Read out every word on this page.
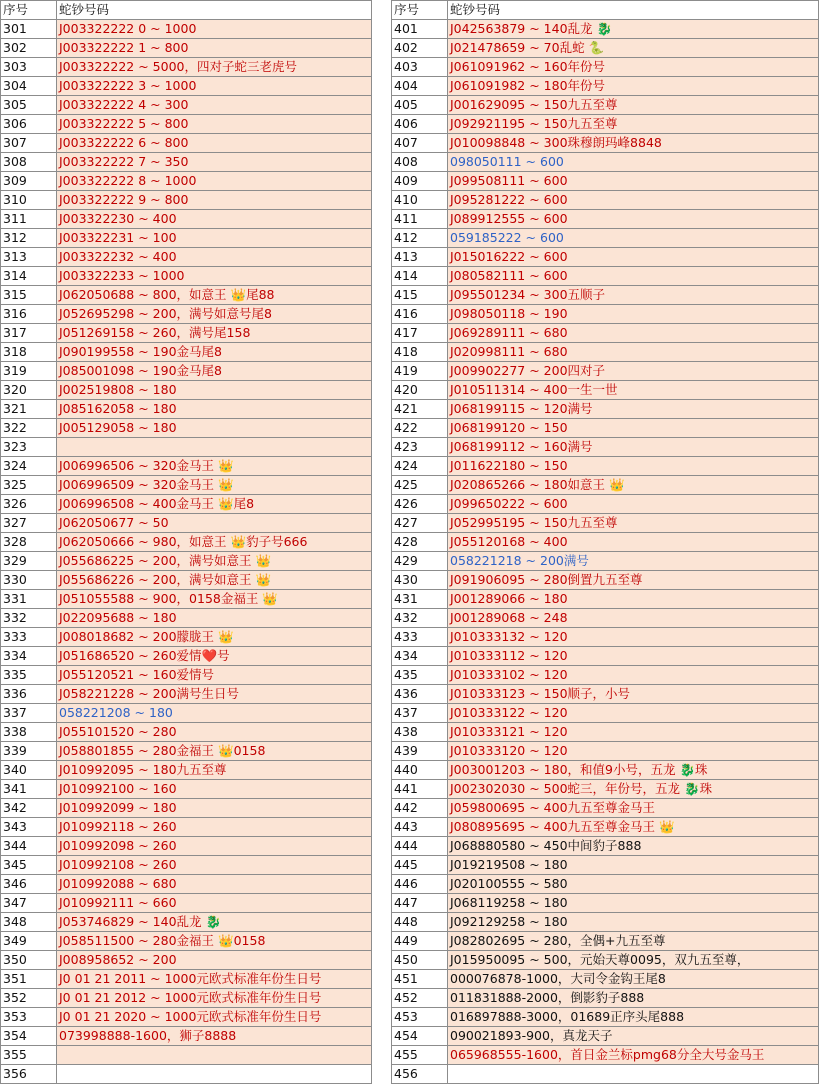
序号	蛇钞号码
301	J003322222 0 ~ 1000
302	J003322222 1 ~ 800
303	J003322222 ~ 5000，四对子蛇三老虎号
304	J003322222 3 ~ 1000
305	J003322222 4 ~ 300
306	J003322222 5 ~ 800
307	J003322222 6 ~ 800
308	J003322222 7 ~ 350
309	J003322222 8 ~ 1000
310	J003322222 9 ~ 800
311	J003322230 ~ 400
312	J003322231 ~ 100
313	J003322232 ~ 400
314	J003322233 ~ 1000
315	J062050688 ~ 800，如意王 👑尾88
316	J052695298 ~ 200，满号如意号尾8
317	J051269158 ~ 260，满号尾158
318	J090199558 ~ 190金马尾8
319	J085001098 ~ 190金马尾8
320	J002519808 ~ 180
321	J085162058 ~ 180
322	J005129058 ~ 180
323	
324	J006996506 ~ 320金马王 👑
325	J006996509 ~ 320金马王 👑
326	J006996508 ~ 400金马王 👑尾8
327	J062050677 ~ 50
328	J062050666 ~ 980，如意王 👑豹子号666
329	J055686225 ~ 200，满号如意王 👑
330	J055686226 ~ 200，满号如意王 👑
331	J051055588 ~ 900，0158金福王 👑
332	J022095688 ~ 180
333	J008018682 ~ 200朦胧王 👑
334	J051686520 ~ 260爱情❤️号
335	J055120521 ~ 160爱情号
336	J058221228 ~ 200满号生日号
337	058221208 ~ 180
338	J055101520 ~ 280
339	J058801855 ~ 280金福王 👑0158
340	J010992095 ~ 180九五至尊
341	J010992100 ~ 160
342	J010992099 ~ 180
343	J010992118 ~ 260
344	J010992098 ~ 260
345	J010992108 ~ 260
346	J010992088 ~ 680
347	J010992111 ~ 660
348	J053746829 ~ 140乱龙 🐉
349	J058511500 ~ 280金福王 👑0158
350	J008958652 ~ 200
351	J0 01 21 2011 ~ 1000元欧式标准年份生日号
352	J0 01 21 2012 ~ 1000元欧式标准年份生日号
353	J0 01 21 2020 ~ 1000元欧式标准年份生日号
354	073998888-1600，狮子8888
355	
356	
序号	蛇钞号码
401	J042563879 ~ 140乱龙 🐉
402	J021478659 ~ 70乱蛇 🐍
403	J061091962 ~ 160年份号
404	J061091982 ~ 180年份号
405	J001629095 ~ 150九五至尊
406	J092921195 ~ 150九五至尊
407	J010098848 ~ 300珠穆朗玛峰8848
408	098050111 ~ 600
409	J099508111 ~ 600
410	J095281222 ~ 600
411	J089912555 ~ 600
412	059185222 ~ 600
413	J015016222 ~ 600
414	J080582111 ~ 600
415	J095501234 ~ 300五顺子
416	J098050118 ~ 190
417	J069289111 ~ 680
418	J020998111 ~ 680
419	J009902277 ~ 200四对子
420	J010511314 ~ 400一生一世
421	J068199115 ~ 120满号
422	J068199120 ~ 150
423	J068199112 ~ 160满号
424	J011622180 ~ 150
425	J020865266 ~ 180如意王 👑
426	J099650222 ~ 600
427	J052995195 ~ 150九五至尊
428	J055120168 ~ 400
429	058221218 ~ 200满号
430	J091906095 ~ 280倒置九五至尊
431	J001289066 ~ 180
432	J001289068 ~ 248
433	J010333132 ~ 120
434	J010333112 ~ 120
435	J010333102 ~ 120
436	J010333123 ~ 150顺子，小号
437	J010333122 ~ 120
438	J010333121 ~ 120
439	J010333120 ~ 120
440	J003001203 ~ 180，和值9小号，五龙 🐉珠
441	J002302030 ~ 500蛇三，年份号，五龙 🐉珠
442	J059800695 ~ 400九五至尊金马王
443	J080895695 ~ 400九五至尊金马王 👑
444	J068880580 ~ 450中间豹子888
445	J019219508 ~ 180
446	J020100555 ~ 580
447	J068119258 ~ 180
448	J092129258 ~ 180
449	J082802695 ~ 280，全偶+九五至尊
450	J015950095 ~ 500，元始天尊0095，双九五至尊，
451	000076878-1000，大司令金钩王尾8
452	011831888-2000，倒影豹子888
453	016897888-3000，01689正序头尾888
454	090021893-900，真龙天子
455	065968555-1600，首日金兰标pmg68分全大号金马王
456	
